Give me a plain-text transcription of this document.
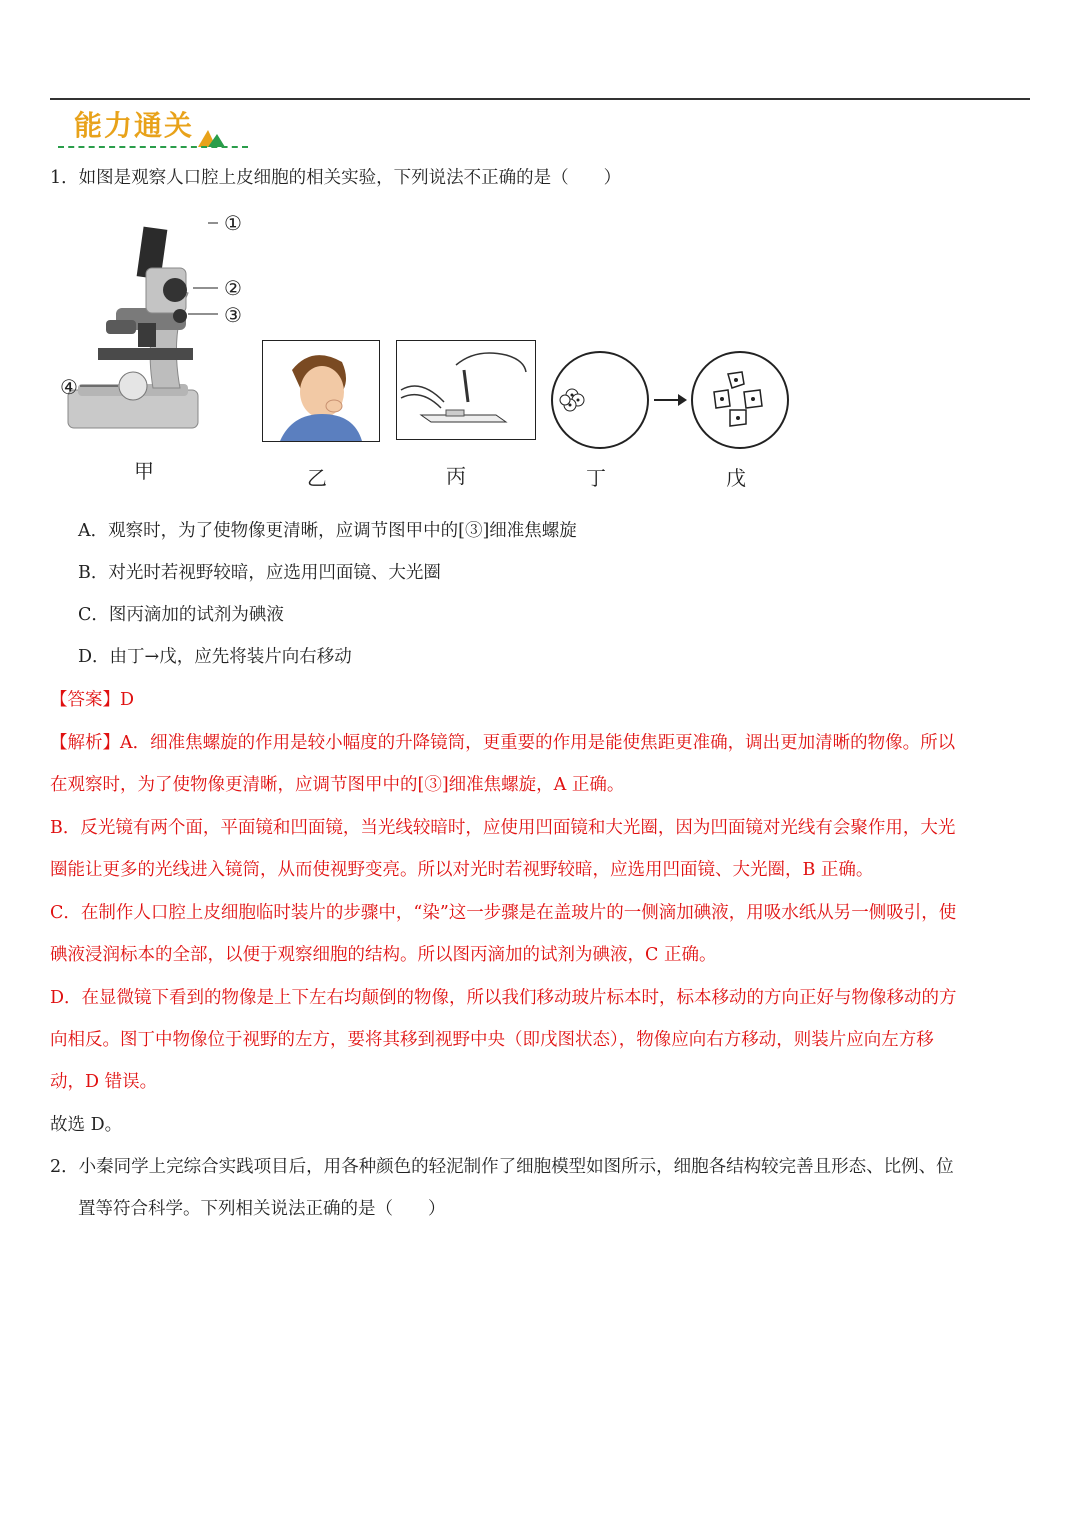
能力通关
1．如图是观察人口腔上皮细胞的相关实验，下列说法不正确的是（　　）
①
②
③
④
甲	乙	丙	丁	戊
A．观察时，为了使物像更清晰，应调节图甲中的[③]细准焦螺旋
B．对光时若视野较暗，应选用凹面镜、大光圈
C．图丙滴加的试剂为碘液
D．由丁→戊，应先将装片向右移动
【答案】D
【解析】A．细准焦螺旋的作用是较小幅度的升降镜筒，更重要的作用是能使焦距更准确，调出更加清晰的物像。所以
在观察时，为了使物像更清晰，应调节图甲中的[③]细准焦螺旋，A 正确。
B．反光镜有两个面，平面镜和凹面镜，当光线较暗时，应使用凹面镜和大光圈，因为凹面镜对光线有会聚作用，大光
圈能让更多的光线进入镜筒，从而使视野变亮。所以对光时若视野较暗，应选用凹面镜、大光圈，B 正确。
C．在制作人口腔上皮细胞临时装片的步骤中，“染”这一步骤是在盖玻片的一侧滴加碘液，用吸水纸从另一侧吸引，使
碘液浸润标本的全部，以便于观察细胞的结构。所以图丙滴加的试剂为碘液，C 正确。
D．在显微镜下看到的物像是上下左右均颠倒的物像，所以我们移动玻片标本时，标本移动的方向正好与物像移动的方
向相反。图丁中物像位于视野的左方，要将其移到视野中央（即戊图状态），物像应向右方移动，则装片应向左方移
动，D 错误。
故选 D。
2．小秦同学上完综合实践项目后，用各种颜色的轻泥制作了细胞模型如图所示，细胞各结构较完善且形态、比例、位
置等符合科学。下列相关说法正确的是（　　）
